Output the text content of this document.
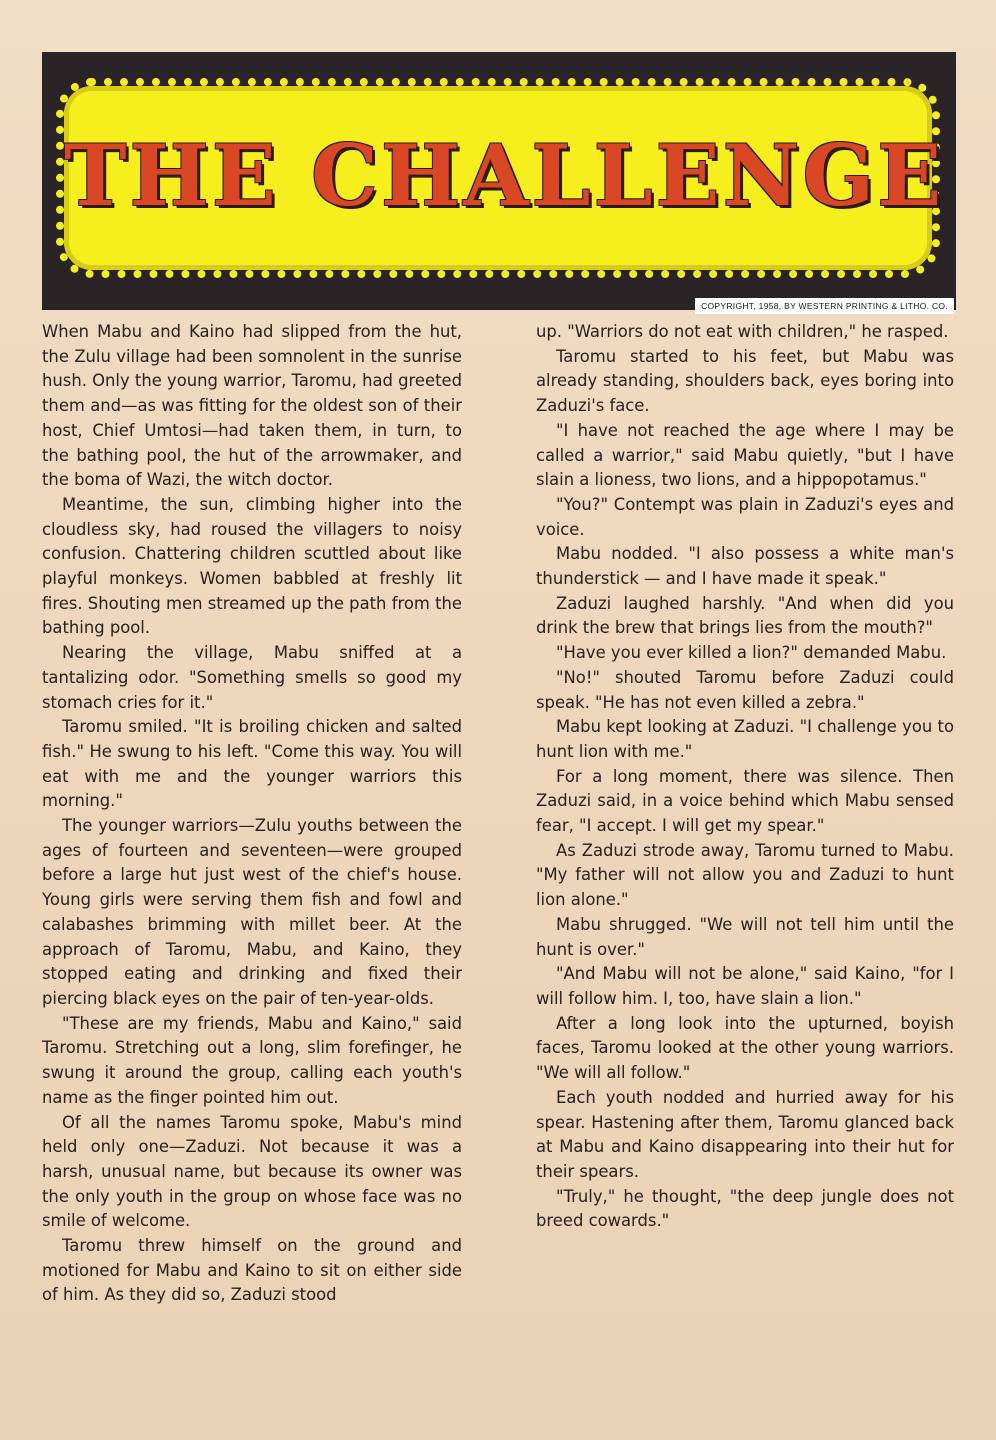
THE CHALLENGE
COPYRIGHT, 1958, BY WESTERN PRINTING & LITHO. CO.

When Mabu and Kaino had slipped from the hut, the Zulu village had been somnolent in the sunrise hush. Only the young warrior, Taromu, had greeted them and—as was fitting for the oldest son of their host, Chief Umtosi—had taken them, in turn, to the bathing pool, the hut of the arrowmaker, and the boma of Wazi, the witch doctor.

Meantime, the sun, climbing higher into the cloudless sky, had roused the villagers to noisy confusion. Chattering children scuttled about like playful monkeys. Women babbled at freshly lit fires. Shouting men streamed up the path from the bathing pool.

Nearing the village, Mabu sniffed at a tantalizing odor. "Something smells so good my stomach cries for it."

Taromu smiled. "It is broiling chicken and salted fish." He swung to his left. "Come this way. You will eat with me and the younger warriors this morning."

The younger warriors—Zulu youths between the ages of fourteen and seventeen—were grouped before a large hut just west of the chief's house. Young girls were serving them fish and fowl and calabashes brimming with millet beer. At the approach of Taromu, Mabu, and Kaino, they stopped eating and drinking and fixed their piercing black eyes on the pair of ten-year-olds.

"These are my friends, Mabu and Kaino," said Taromu. Stretching out a long, slim forefinger, he swung it around the group, calling each youth's name as the finger pointed him out.

Of all the names Taromu spoke, Mabu's mind held only one—Zaduzi. Not because it was a harsh, unusual name, but because its owner was the only youth in the group on whose face was no smile of welcome.

Taromu threw himself on the ground and motioned for Mabu and Kaino to sit on either side of him. As they did so, Zaduzi stood

up. "Warriors do not eat with children," he rasped.

Taromu started to his feet, but Mabu was already standing, shoulders back, eyes boring into Zaduzi's face.

"I have not reached the age where I may be called a warrior," said Mabu quietly, "but I have slain a lioness, two lions, and a hippopotamus."

"You?" Contempt was plain in Zaduzi's eyes and voice.

Mabu nodded. "I also possess a white man's thunderstick — and I have made it speak."

Zaduzi laughed harshly. "And when did you drink the brew that brings lies from the mouth?"

"Have you ever killed a lion?" demanded Mabu.

"No!" shouted Taromu before Zaduzi could speak. "He has not even killed a zebra."

Mabu kept looking at Zaduzi. "I challenge you to hunt lion with me."

For a long moment, there was silence. Then Zaduzi said, in a voice behind which Mabu sensed fear, "I accept. I will get my spear."

As Zaduzi strode away, Taromu turned to Mabu. "My father will not allow you and Zaduzi to hunt lion alone."

Mabu shrugged. "We will not tell him until the hunt is over."

"And Mabu will not be alone," said Kaino, "for I will follow him. I, too, have slain a lion."

After a long look into the upturned, boyish faces, Taromu looked at the other young warriors. "We will all follow."

Each youth nodded and hurried away for his spear. Hastening after them, Taromu glanced back at Mabu and Kaino disappearing into their hut for their spears.

"Truly," he thought, "the deep jungle does not breed cowards."
